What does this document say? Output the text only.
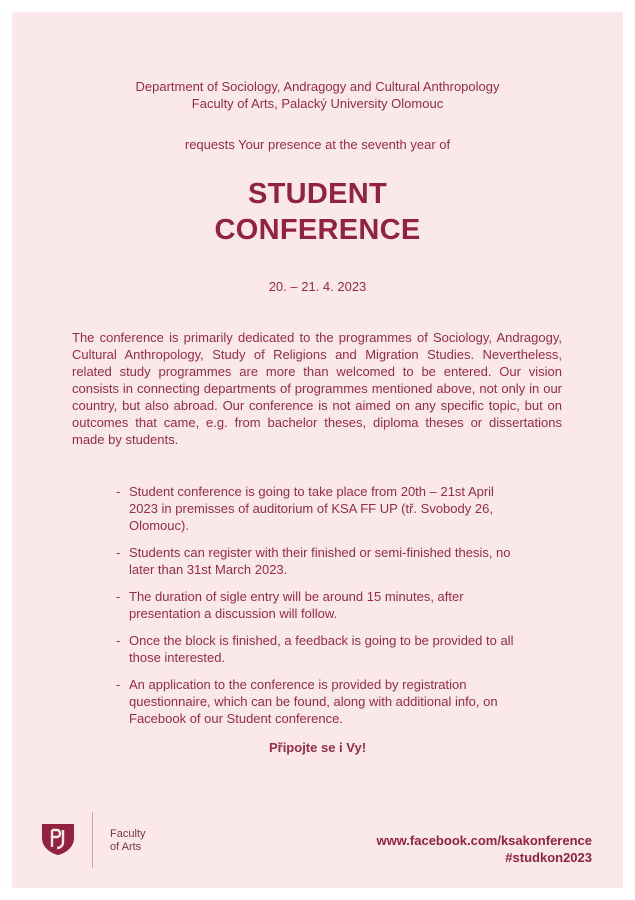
Department of Sociology, Andragogy and Cultural Anthropology
Faculty of Arts, Palacký University Olomouc
requests Your presence at the seventh year of
STUDENT
CONFERENCE
20. – 21. 4. 2023

The conference is primarily dedicated to the programmes of Sociology, Andragogy, Cultural Anthropology, Study of Religions and Migration Studies. Nevertheless, related study programmes are more than welcomed to be entered. Our vision consists in connecting departments of programmes mentioned above, not only in our country, but also abroad. Our conference is not aimed on any specific topic, but on outcomes that came, e.g. from bachelor theses, diploma theses or dissertations made by students.

- Student conference is going to take place from 20th – 21st April 2023 in premisses of auditorium of KSA FF UP (tř. Svobody 26, Olomouc).
- Students can register with their finished or semi-finished thesis, no later than 31st March 2023.
- The duration of sigle entry will be around 15 minutes, after presentation a discussion will follow.
- Once the block is finished, a feedback is going to be provided to all those interested.
- An application to the conference is provided by registration questionnaire, which can be found, along with additional info, on Facebook of our Student conference.
Připojte se i Vy!
Faculty
of Arts	www.facebook.com/ksakonference
#studkon2023
